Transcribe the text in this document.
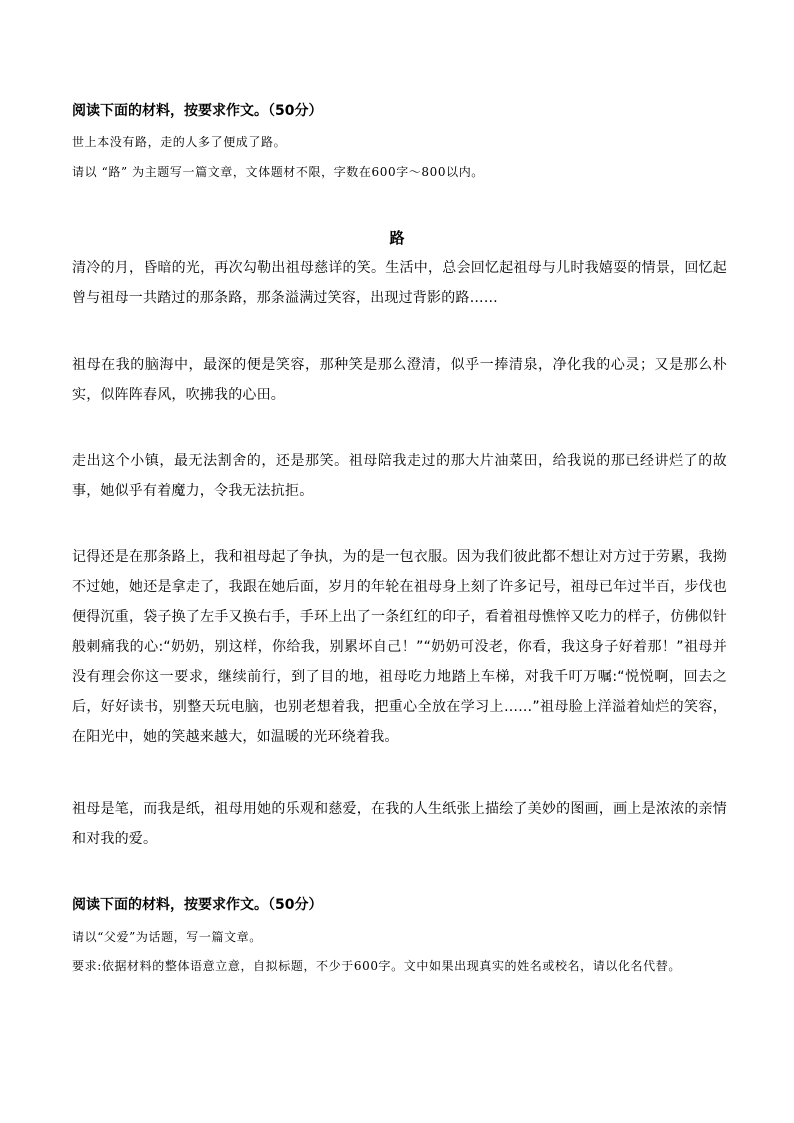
阅读下面的材料，按要求作文。（50分）
世上本没有路，走的人多了便成了路。
请以 “路” 为主题写一篇文章，文体题材不限，字数在600字～800以内。
路
清冷的月，昏暗的光，再次勾勒出祖母慈详的笑。生活中，总会回忆起祖母与儿时我嬉耍的情景，回忆起曾与祖母一共踏过的那条路，那条溢满过笑容，出现过背影的路……
祖母在我的脑海中，最深的便是笑容，那种笑是那么澄清，似乎一捧清泉，净化我的心灵；又是那么朴实，似阵阵春风，吹拂我的心田。
走出这个小镇，最无法割舍的，还是那笑。祖母陪我走过的那大片油菜田，给我说的那已经讲烂了的故事，她似乎有着魔力，令我无法抗拒。
记得还是在那条路上，我和祖母起了争执，为的是一包衣服。因为我们彼此都不想让对方过于劳累，我拗不过她，她还是拿走了，我跟在她后面，岁月的年轮在祖母身上刻了许多记号，祖母已年过半百，步伐也便得沉重，袋子换了左手又换右手，手环上出了一条红红的印子，看着祖母憔悴又吃力的样子，仿佛似针般刺痛我的心:“奶奶，别这样，你给我，别累坏自己！”“奶奶可没老，你看，我这身子好着那！”祖母并没有理会你这一要求，继续前行，到了目的地，祖母吃力地踏上车梯，对我千叮万嘱:“悦悦啊，回去之后，好好读书，别整天玩电脑，也别老想着我，把重心全放在学习上……”祖母脸上洋溢着灿烂的笑容，在阳光中，她的笑越来越大，如温暖的光环绕着我。
祖母是笔，而我是纸，祖母用她的乐观和慈爱，在我的人生纸张上描绘了美妙的图画，画上是浓浓的亲情和对我的爱。
阅读下面的材料，按要求作文。（50分）
请以“父爱”为话题，写一篇文章。
要求:依据材料的整体语意立意，自拟标题，不少于600字。文中如果出现真实的姓名或校名，请以化名代替。
